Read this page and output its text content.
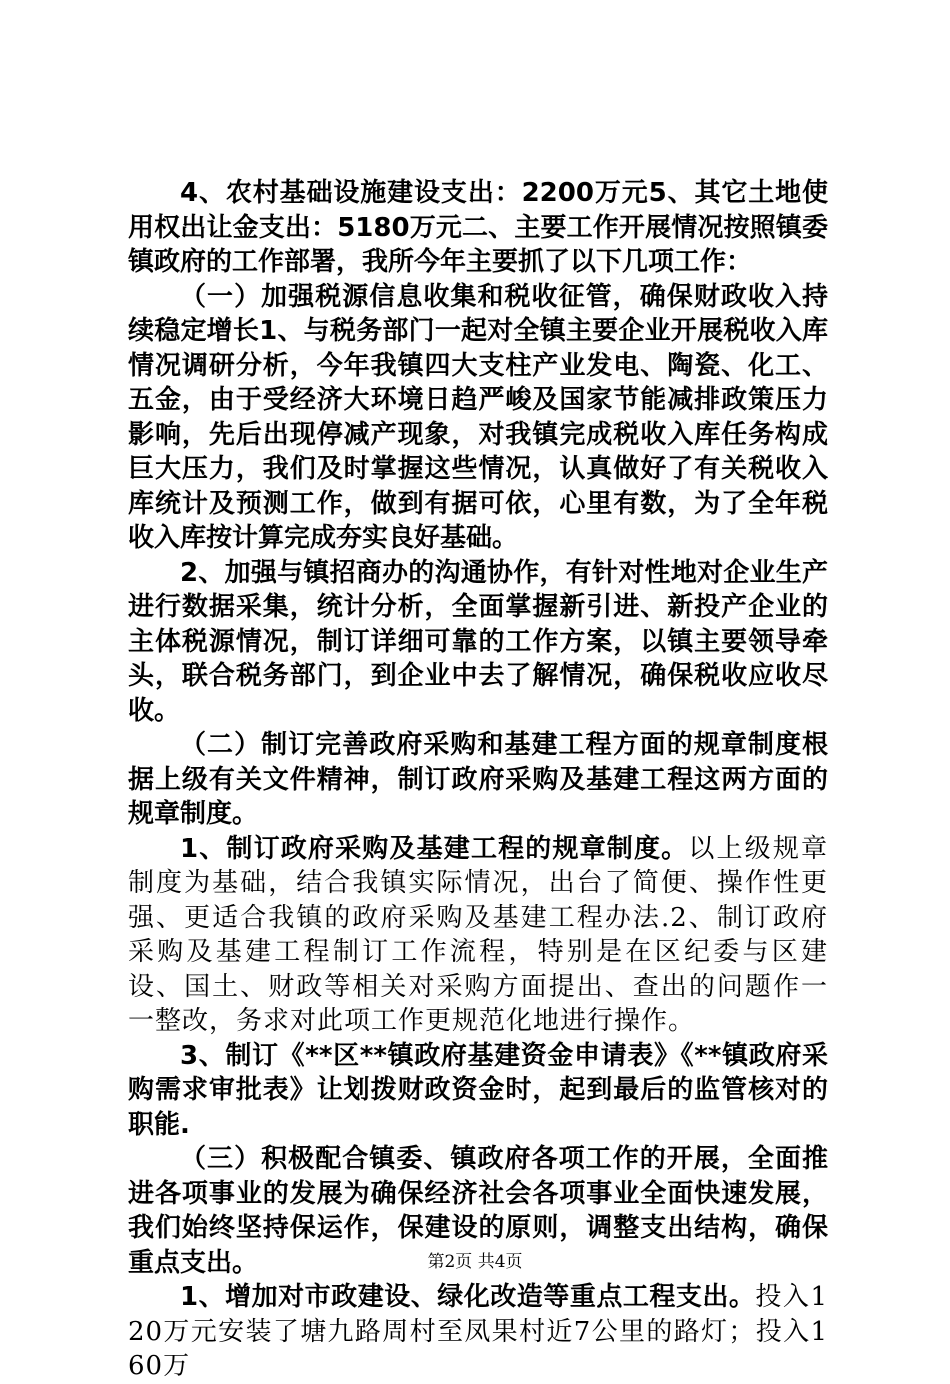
4、农村基础设施建设支出：2200万元5、其它土地使用权出让金支出：5180万元二、主要工作开展情况按照镇委镇政府的工作部署，我所今年主要抓了以下几项工作：

（一）加强税源信息收集和税收征管，确保财政收入持续稳定增长1、与税务部门一起对全镇主要企业开展税收入库情况调研分析，今年我镇四大支柱产业发电、陶瓷、化工、五金，由于受经济大环境日趋严峻及国家节能减排政策压力影响，先后出现停减产现象，对我镇完成税收入库任务构成巨大压力，我们及时掌握这些情况，认真做好了有关税收入库统计及预测工作，做到有据可依，心里有数，为了全年税收入库按计算完成夯实良好基础。

2、加强与镇招商办的沟通协作，有针对性地对企业生产进行数据采集，统计分析，全面掌握新引进、新投产企业的主体税源情况，制订详细可靠的工作方案，以镇主要领导牵头，联合税务部门，到企业中去了解情况，确保税收应收尽收。

（二）制订完善政府采购和基建工程方面的规章制度根据上级有关文件精神，制订政府采购及基建工程这两方面的规章制度。

1、制订政府采购及基建工程的规章制度。以上级规章制度为基础，结合我镇实际情况，出台了简便、操作性更强、更适合我镇的政府采购及基建工程办法.2、制订政府采购及基建工程制订工作流程，特别是在区纪委与区建设、国土、财政等相关对采购方面提出、查出的问题作一一整改，务求对此项工作更规范化地进行操作。

3、制订《**区**镇政府基建资金申请表》《**镇政府采购需求审批表》让划拨财政资金时，起到最后的监管核对的职能.

（三）积极配合镇委、镇政府各项工作的开展，全面推进各项事业的发展为确保经济社会各项事业全面快速发展，我们始终坚持保运作，保建设的原则，调整支出结构，确保重点支出。

1、增加对市政建设、绿化改造等重点工程支出。投入120万元安装了塘九路周村至凤果村近7公里的路灯；投入160万

第2页 共4页
